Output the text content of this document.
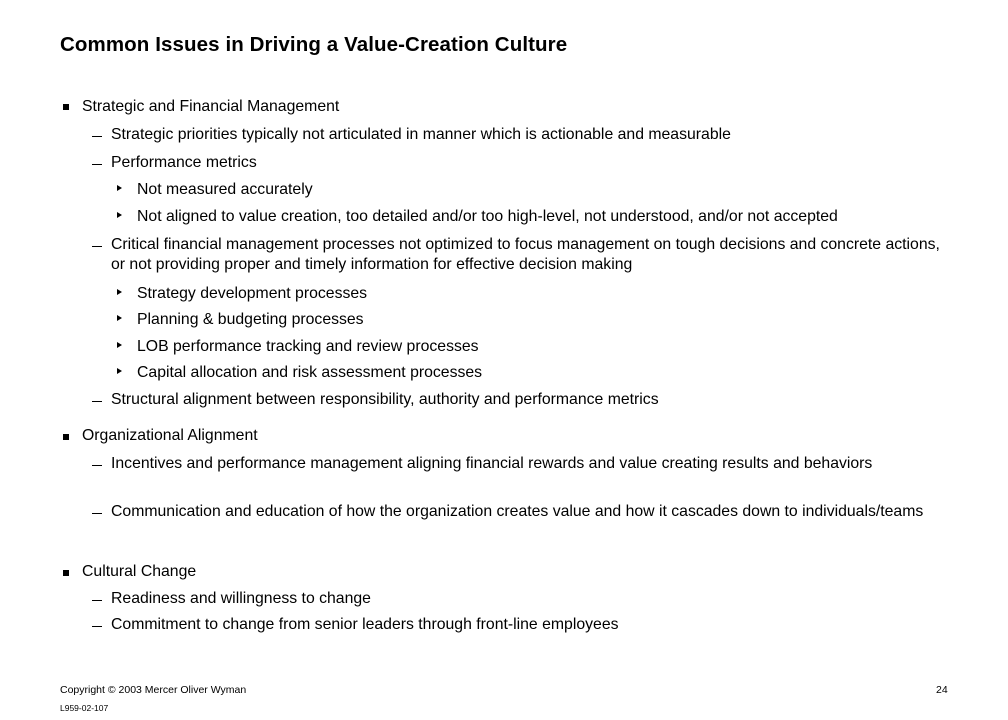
Common Issues in Driving a Value-Creation Culture
Strategic and Financial Management
Strategic priorities typically not articulated in manner which is actionable and measurable
Performance metrics
Not measured accurately
Not aligned to value creation, too detailed and/or too high-level, not understood, and/or not accepted
Critical financial management processes not optimized to focus management on tough decisions and concrete actions, or not providing proper and timely information for effective decision making
Strategy development processes
Planning & budgeting processes
LOB performance tracking and review processes
Capital allocation and risk assessment processes
Structural alignment between responsibility, authority and performance metrics
Organizational Alignment
Incentives and performance management aligning financial rewards and value creating results and behaviors
Communication and education of how the organization creates value and how it cascades down to individuals/teams
Cultural Change
Readiness and willingness to change
Commitment to change from senior leaders through front-line employees
Copyright © 2003 Mercer Oliver Wyman
L959-02-107
24
